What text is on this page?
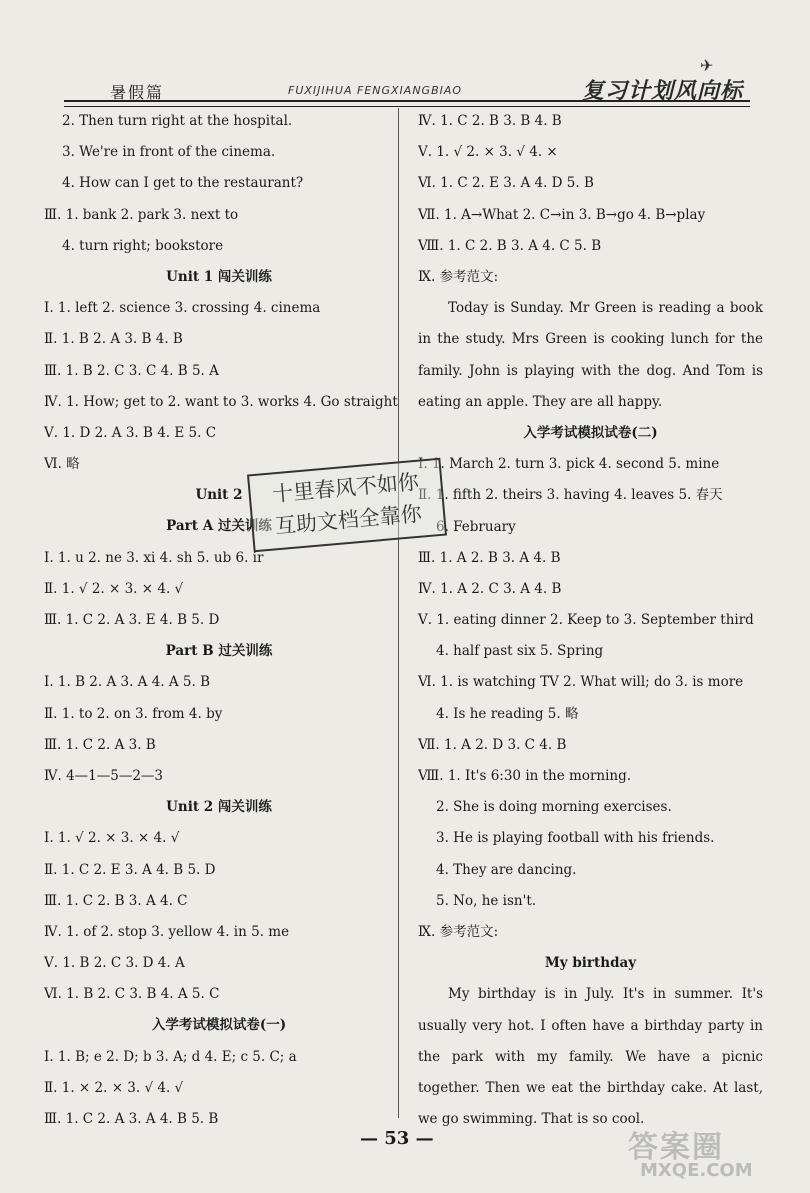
暑假篇	FUXIJIHUA FENGXIANGBIAO	复习计划风向标
✈
2. Then turn right at the hospital.
3. We're in front of the cinema.
4. How can I get to the restaurant?
Ⅲ. 1. bank 2. park 3. next to
4. turn right; bookstore
Unit 1 闯关训练
Ⅰ. 1. left 2. science 3. crossing 4. cinema
Ⅱ. 1. B 2. A 3. B 4. B
Ⅲ. 1. B 2. C 3. C 4. B 5. A
Ⅳ. 1. How; get to 2. want to 3. works 4. Go straight
Ⅴ. 1. D 2. A 3. B 4. E 5. C
Ⅵ. 略
Unit 2
Part A 过关训练
Ⅰ. 1. u 2. ne 3. xi 4. sh 5. ub 6. ir
Ⅱ. 1. √ 2. × 3. × 4. √
Ⅲ. 1. C 2. A 3. E 4. B 5. D
Part B 过关训练
Ⅰ. 1. B 2. A 3. A 4. A 5. B
Ⅱ. 1. to 2. on 3. from 4. by
Ⅲ. 1. C 2. A 3. B
Ⅳ. 4—1—5—2—3
Unit 2 闯关训练
Ⅰ. 1. √ 2. × 3. × 4. √
Ⅱ. 1. C 2. E 3. A 4. B 5. D
Ⅲ. 1. C 2. B 3. A 4. C
Ⅳ. 1. of 2. stop 3. yellow 4. in 5. me
Ⅴ. 1. B 2. C 3. D 4. A
Ⅵ. 1. B 2. C 3. B 4. A 5. C
入学考试模拟试卷(一)
Ⅰ. 1. B; e 2. D; b 3. A; d 4. E; c 5. C; a
Ⅱ. 1. × 2. × 3. √ 4. √
Ⅲ. 1. C 2. A 3. A 4. B 5. B
Ⅳ. 1. C 2. B 3. B 4. B
Ⅴ. 1. √ 2. × 3. √ 4. ×
Ⅵ. 1. C 2. E 3. A 4. D 5. B
Ⅶ. 1. A→What 2. C→in 3. B→go 4. B→play
Ⅷ. 1. C 2. B 3. A 4. C 5. B
Ⅸ. 参考范文:
Today is Sunday. Mr Green is reading a book in the study. Mrs Green is cooking lunch for the family. John is playing with the dog. And Tom is eating an apple. They are all happy.
入学考试模拟试卷(二)
Ⅰ. 1. March 2. turn 3. pick 4. second 5. mine
Ⅱ. 1. fifth 2. theirs 3. having 4. leaves 5. 春天
6. February
Ⅲ. 1. A 2. B 3. A 4. B
Ⅳ. 1. A 2. C 3. A 4. B
Ⅴ. 1. eating dinner 2. Keep to 3. September third
4. half past six 5. Spring
Ⅵ. 1. is watching TV 2. What will; do 3. is more
4. Is he reading 5. 略
Ⅶ. 1. A 2. D 3. C 4. B
Ⅷ. 1. It's 6:30 in the morning.
2. She is doing morning exercises.
3. He is playing football with his friends.
4. They are dancing.
5. No, he isn't.
Ⅸ. 参考范文:
My birthday
My birthday is in July. It's in summer. It's usually very hot. I often have a birthday party in the park with my family. We have a picnic together. Then we eat the birthday cake. At last, we go swimming. That is so cool.
十里春风不如你
互助文档全靠你
— 53 —	答案圈
MXQE.COM
